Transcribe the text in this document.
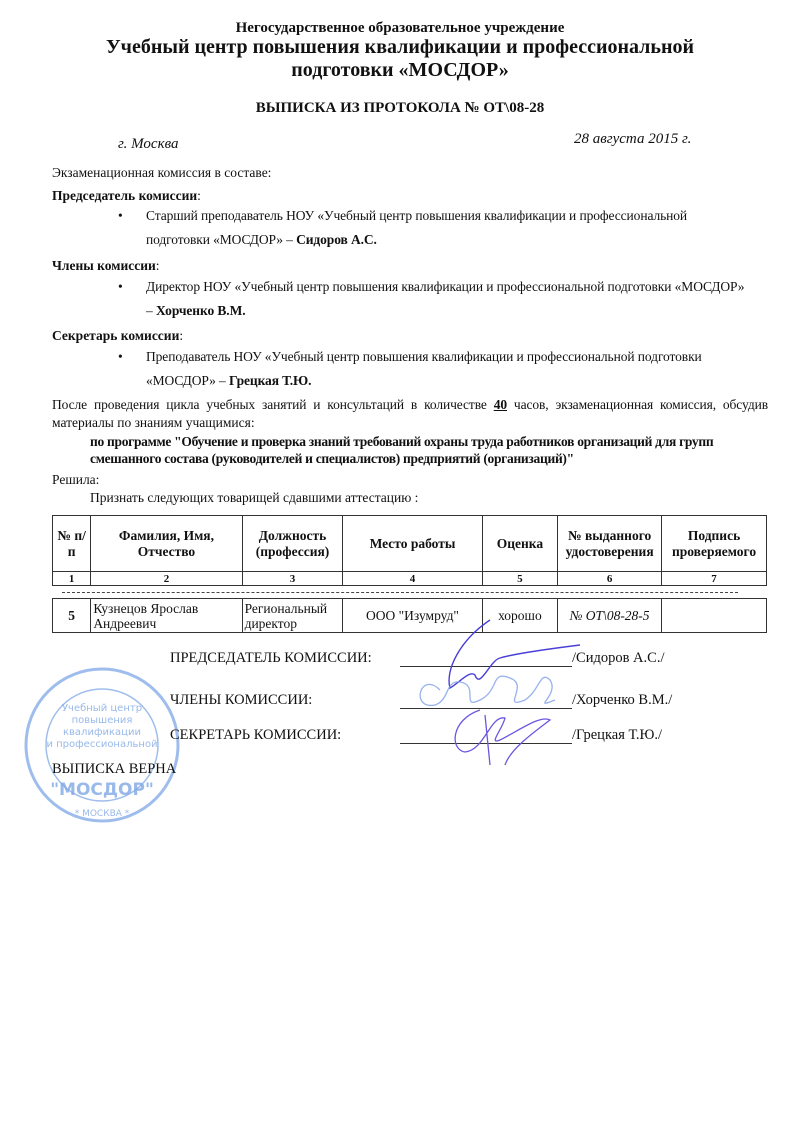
Негосударственное образовательное учреждение
Учебный центр повышения квалификации и профессиональной
подготовки «МОСДОР»
ВЫПИСКА ИЗ ПРОТОКОЛА № ОТ\08-28
г. Москва	28 августа 2015 г.
Экзаменационная комиссия в составе:
Председатель комиссии:
• Старший преподаватель НОУ «Учебный центр повышения квалификации и профессиональной
подготовки «МОСДОР» – Сидоров А.С.
Члены комиссии:
• Директор НОУ «Учебный центр повышения квалификации и профессиональной подготовки «МОСДОР»
– Хорченко В.М.
Секретарь комиссии:
• Преподаватель НОУ «Учебный центр повышения квалификации и профессиональной подготовки
«МОСДОР» – Грецкая Т.Ю.
После проведения цикла учебных занятий и консультаций в количестве 40 часов, экзаменационная комиссия, обсудив
материалы по знаниям учащимися:
по программе "Обучение и проверка знаний требований охраны труда работников организаций для групп
смешанного состава (руководителей и специалистов) предприятий (организаций)"
Решила:
Признать следующих товарищей сдавшими аттестацию :
№ п/п	Фамилия, Имя, Отчество	Должность (профессия)	Место работы	Оценка	№ выданного удостоверения	Подпись проверяемого
1	2	3	4	5	6	7
5	Кузнецов Ярослав Андреевич	Региональный директор	ООО "Изумруд"	хорошо	№ ОТ\08-28-5	
Учебный центр
повышения
квалификации
и профессиональной
"МОСДОР"
* МОСКВА *
ПРЕДСЕДАТЕЛЬ КОМИССИИ:	/Сидоров А.С./
ЧЛЕНЫ КОМИССИИ:	/Хорченко В.М./
СЕКРЕТАРЬ КОМИССИИ:	/Грецкая Т.Ю./
ВЫПИСКА ВЕРНА
